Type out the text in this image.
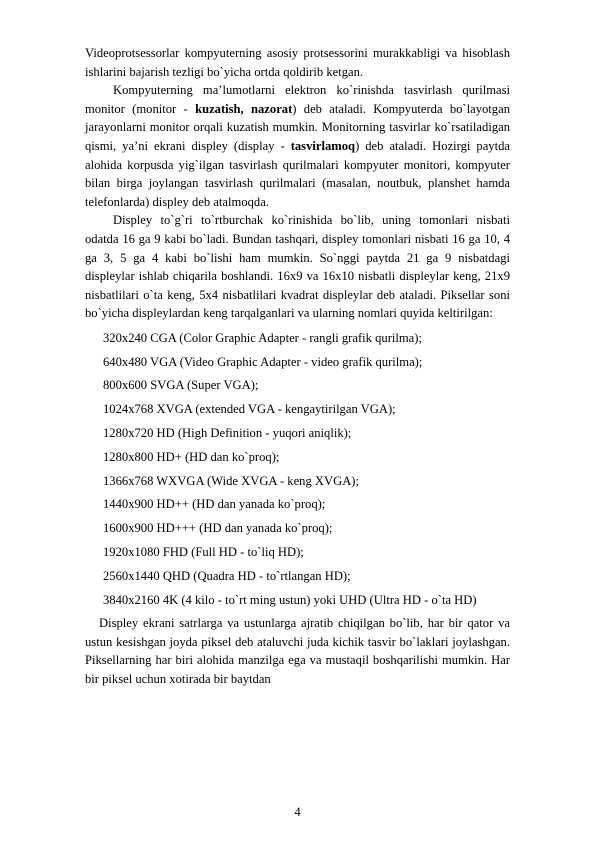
Videoprotsessorlar kompyuterning asosiy protsessorini murakkabligi va hisoblash ishlarini bajarish tezligi bo`yicha ortda qoldirib ketgan.

Kompyuterning ma’lumotlarni elektron ko`rinishda tasvirlash qurilmasi monitor (monitor - kuzatish, nazorat) deb ataladi. Kompyuterda bo`layotgan jarayonlarni monitor orqali kuzatish mumkin. Monitorning tasvirlar ko`rsatiladigan qismi, ya’ni ekrani displey (display - tasvirlamoq) deb ataladi. Hozirgi paytda alohida korpusda yig`ilgan tasvirlash qurilmalari kompyuter monitori, kompyuter bilan birga joylangan tasvirlash qurilmalari (masalan, noutbuk, planshet hamda telefonlarda) displey deb atalmoqda.

Displey to`g`ri to`rtburchak ko`rinishida bo`lib, uning tomonlari nisbati odatda 16 ga 9 kabi bo`ladi. Bundan tashqari, displey tomonlari nisbati 16 ga 10, 4 ga 3, 5 ga 4 kabi bo`lishi ham mumkin. So`nggi paytda 21 ga 9 nisbatdagi displeylar ishlab chiqarila boshlandi. 16x9 va 16x10 nisbatli displeylar keng, 21x9 nisbatlilari o`ta keng, 5x4 nisbatlilari kvadrat displeylar deb ataladi. Piksellar soni bo`yicha displeylardan keng tarqalganlari va ularning nomlari quyida keltirilgan:

320x240 CGA (Color Graphic Adapter - rangli grafik qurilma);
640x480 VGA (Video Graphic Adapter - video grafik qurilma);
800x600 SVGA (Super VGA);
1024x768 XVGA (extended VGA - kengaytirilgan VGA);
1280x720 HD (High Definition - yuqori aniqlik);
1280x800 HD+ (HD dan ko`proq);
1366x768 WXVGA (Wide XVGA - keng XVGA);
1440x900 HD++ (HD dan yanada ko`proq);
1600x900 HD+++ (HD dan yanada ko`proq);
1920x1080 FHD (Full HD - to`liq HD);
2560x1440 QHD (Quadra HD - to`rtlangan HD);
3840x2160 4K (4 kilo - to`rt ming ustun) yoki UHD (Ultra HD - o`ta HD)

Displey ekrani satrlarga va ustunlarga ajratib chiqilgan bo`lib, har bir qator va ustun kesishgan joyda piksel deb ataluvchi juda kichik tasvir bo`laklari joylashgan. Piksellarning har biri alohida manzilga ega va mustaqil boshqarilishi mumkin. Har bir piksel uchun xotirada bir baytdan

4
